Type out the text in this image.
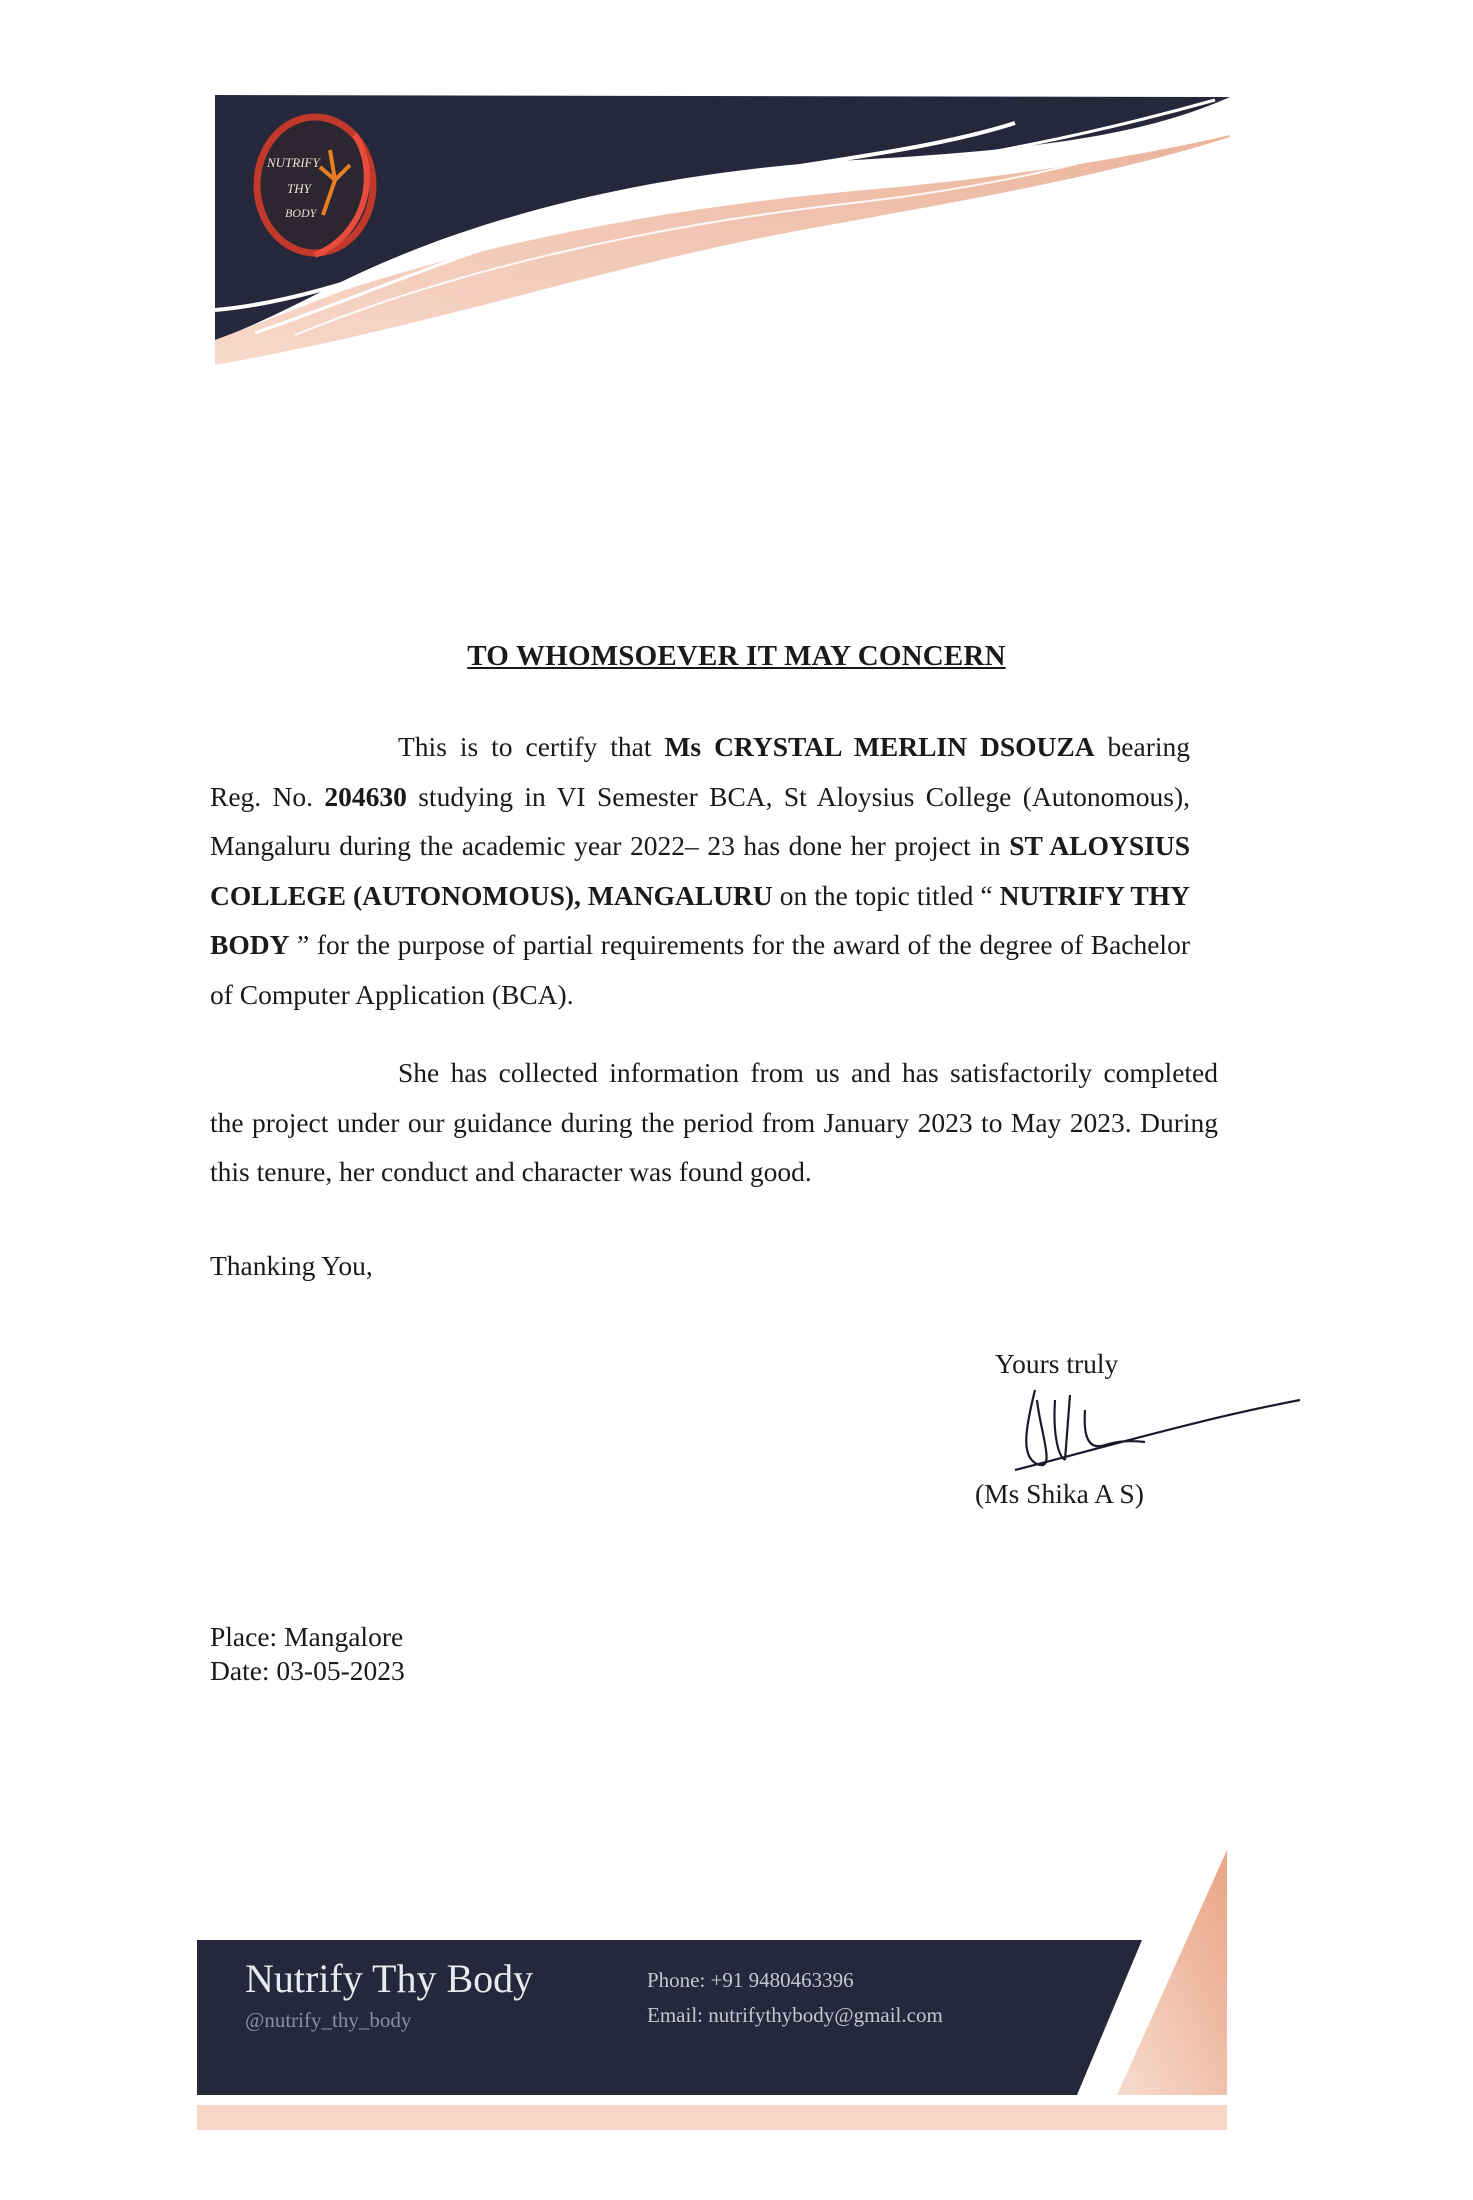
NUTRIFY
THY
BODY
TO WHOMSOEVER IT MAY CONCERN
This is to certify that Ms CRYSTAL MERLIN DSOUZA bearing Reg. No. 204630 studying in VI Semester BCA, St Aloysius College (Autonomous), Mangaluru during the academic year 2022– 23 has done her project in ST ALOYSIUS COLLEGE (AUTONOMOUS), MANGALURU on the topic titled “ NUTRIFY THY BODY ” for the purpose of partial requirements for the award of the degree of Bachelor of Computer Application (BCA).
She has collected information from us and has satisfactorily completed the project under our guidance during the period from January 2023 to May 2023. During this tenure, her conduct and character was found good.
Thanking You,
Yours truly
(Ms Shika A S)
Place: Mangalore
Date: 03-05-2023
Nutrify Thy Body
@nutrify_thy_body
Phone: +91 9480463396
Email: nutrifythybody@gmail.com
